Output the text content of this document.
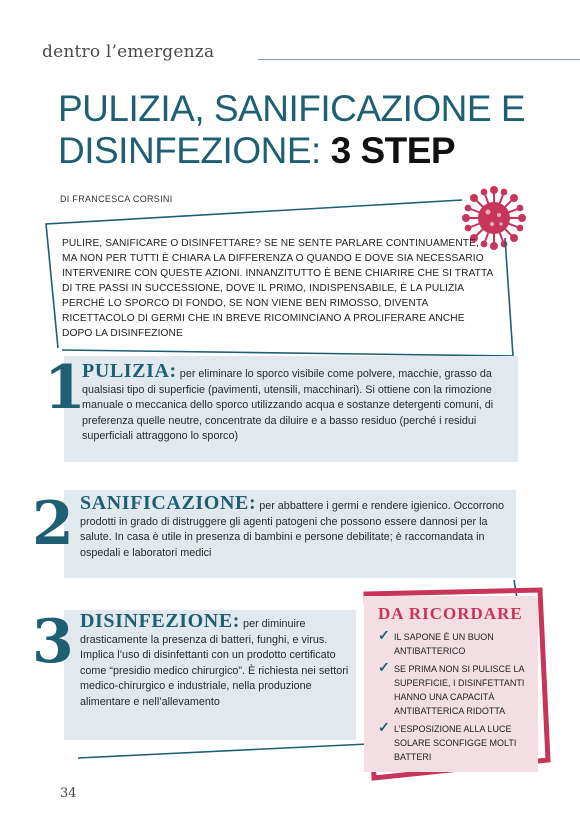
dentro l’emergenza
PULIZIA, SANIFICAZIONE E DISINFEZIONE: 3 STEP
DI FRANCESCA CORSINI
PULIRE, SANIFICARE O DISINFETTARE? SE NE SENTE PARLARE CONTINUAMENTE, MA NON PER TUTTI È CHIARA LA DIFFERENZA O QUANDO E DOVE SIA NECESSARIO INTERVENIRE CON QUESTE AZIONI. INNANZITUTTO È BENE CHIARIRE CHE SI TRATTA DI TRE PASSI IN SUCCESSIONE, DOVE IL PRIMO, INDISPENSABILE, È LA PULIZIA PERCHÉ LO SPORCO DI FONDO, SE NON VIENE BEN RIMOSSO, DIVENTA RICETTACOLO DI GERMI CHE IN BREVE RICOMINCIANO A PROLIFERARE ANCHE DOPO LA DISINFEZIONE
1
PULIZIA: per eliminare lo sporco visibile come polvere, macchie, grasso da qualsiasi tipo di superficie (pavimenti, utensili, macchinari). Si ottiene con la rimozione manuale o meccanica dello sporco utilizzando acqua e sostanze detergenti comuni, di preferenza quelle neutre, concentrate da diluire e a basso residuo (perché i residui superficiali attraggono lo sporco)
2 SANIFICAZIONE: per abbattere i germi e rendere igienico. Occorrono prodotti in grado di distruggere gli agenti patogeni che possono essere dannosi per la salute. In casa è utile in presenza di bambini e persone debilitate; è raccomandata in ospedali e laboratori medici
3 DISINFEZIONE: per diminuire drasticamente la presenza di batteri, funghi, e virus. Implica l’uso di disinfettanti con un prodotto certificato come “presidio medico chirurgico”. È richiesta nei settori medico-chirurgico e industriale, nella produzione alimentare e nell’allevamento
DA RICORDARE
✓ IL SAPONE È UN BUON ANTIBATTERICO
✓ SE PRIMA NON SI PULISCE LA SUPERFICIE, I DISINFETTANTI HANNO UNA CAPACITÀ ANTIBATTERICA RIDOTTA
✓ L’ESPOSIZIONE ALLA LUCE SOLARE SCONFIGGE MOLTI BATTERI
34
